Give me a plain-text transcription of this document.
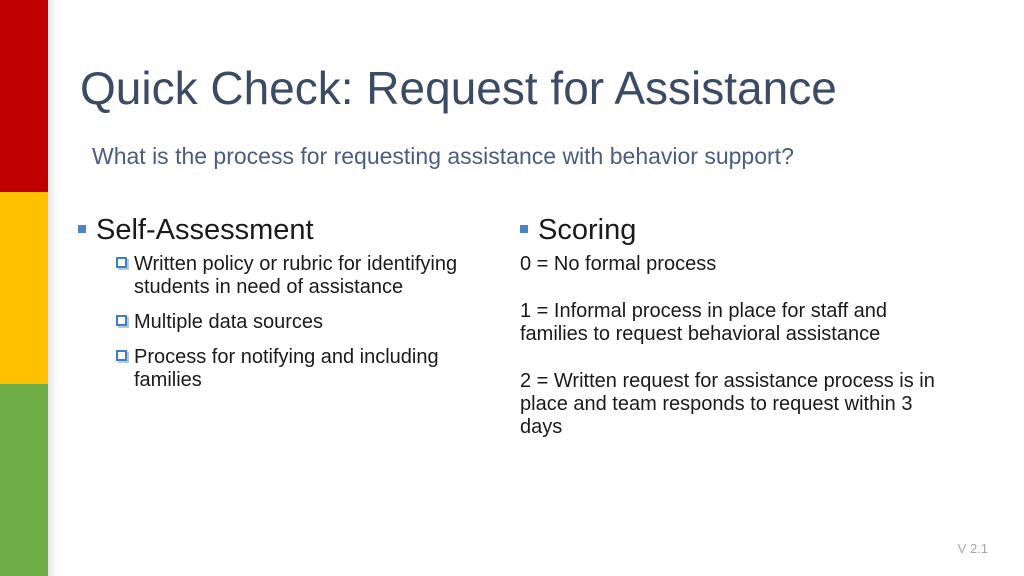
Quick Check: Request for Assistance
What is the process for requesting assistance with behavior support?
Self-Assessment
Written policy or rubric for identifying students in need of assistance
Multiple data sources
Process for notifying and including families
Scoring
0 = No formal process
1 = Informal process in place for staff and families to request behavioral assistance
2 = Written request for assistance process is in place and team responds to request within 3 days
V 2.1
